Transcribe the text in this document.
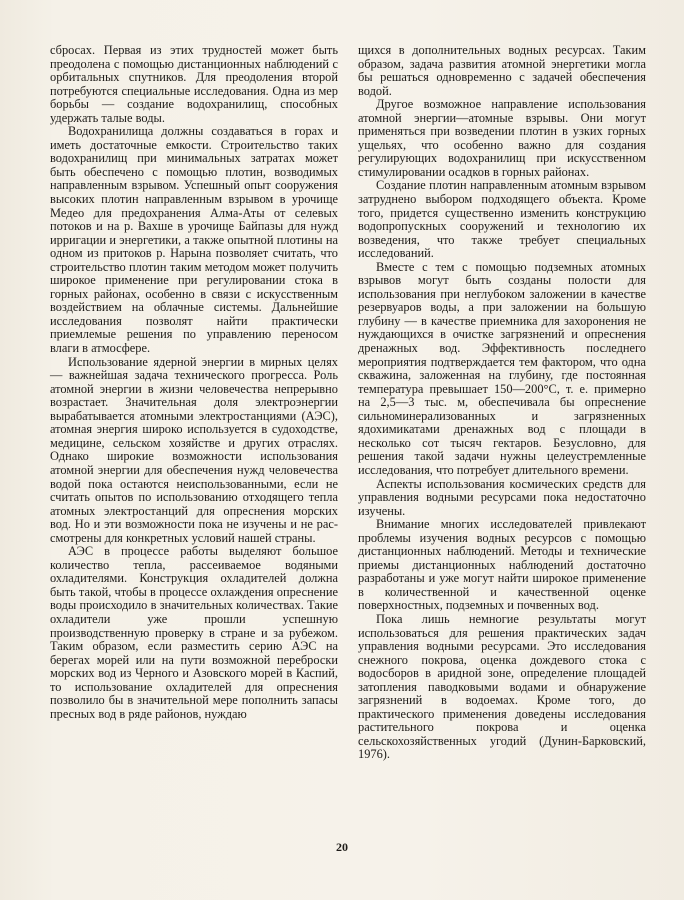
сбросах. Первая из этих трудностей может быть преодолена с помощью дистанционных наблюдений с орбитальных спутников. Для преодоления второй потребуются специальные исследования. Одна из мер борьбы — создание водохранилищ, способных удержать талые воды.

Водохранилища должны создаваться в горах и иметь достаточные емкости. Строительство таких водохранилищ при минимальных затратах может быть обеспечено с помощью плотин, возводимых направленным взрывом. Успешный опыт сооружения высоких плотин направленным взрывом в урочище Медео для предохранения Алма-Аты от селевых потоков и на р. Вахше в урочище Байпазы для нужд ирригации и энергетики, а также опытной плотины на одном из притоков р. Нарына позволяет считать, что строительство плотин таким методом может получить широкое применение при регулировании стока в горных районах, особенно в связи с искусственным воздействием на облачные системы. Дальнейшие исследования позволят найти практически приемлемые решения по управлению переносом влаги в атмосфере.

Использование ядерной энергии в мирных целях — важнейшая задача технического прогресса. Роль атомной энергии в жизни человечества непрерывно возрастает. Значительная доля электроэнергии вырабатывается атомными электростанциями (АЭС), атомная энергия широко используется в судоходстве, медицине, сельском хозяйстве и других отраслях. Однако широкие возможности использования атомной энергии для обеспечения нужд человечества водой пока остаются неиспользованными, если не считать опытов по использованию отходящего тепла атомных электростанций для опреснения морских вод. Но и эти возможности пока не изучены и не рассмотрены для конкретных условий нашей страны.

АЭС в процессе работы выделяют большое количество тепла, рассеиваемое водяными охладителями. Конструкция охладителей должна быть такой, чтобы в процессе охлаждения опреснение воды происходило в значительных количествах. Такие охладители уже прошли успешную производственную проверку в стране и за рубежом. Таким образом, если разместить серию АЭС на берегах морей или на пути возможной переброски морских вод из Черного и Азовского морей в Каспий, то использование охладителей для опреснения позволило бы в значительной мере пополнить запасы пресных вод в ряде районов, нуждаю

щихся в дополнительных водных ресурсах. Таким образом, задача развития атомной энергетики могла бы решаться одновременно с задачей обеспечения водой.

Другое возможное направление использования атомной энергии—атомные взрывы. Они могут применяться при возведении плотин в узких горных ущельях, что особенно важно для создания регулирующих водохранилищ при искусственном стимулировании осадков в горных районах.

Создание плотин направленным атомным взрывом затруднено выбором подходящего объекта. Кроме того, придется существенно изменить конструкцию водопропускных сооружений и технологию их возведения, что также требует специальных исследований.

Вместе с тем с помощью подземных атомных взрывов могут быть созданы полости для использования при неглубоком заложении в качестве резервуаров воды, а при заложении на большую глубину — в качестве приемника для захоронения не нуждающихся в очистке загрязнений и опреснения дренажных вод. Эффективность последнего мероприятия подтверждается тем фактором, что одна скважина, заложенная на глубину, где постоянная температура превышает 150—200°С, т. е. примерно на 2,5—3 тыс. м, обеспечивала бы опреснение сильноминерализованных и загрязненных ядохимикатами дренажных вод с площади в несколько сот тысяч гектаров. Безусловно, для решения такой задачи нужны целеустремленные исследования, что потребует длительного времени.

Аспекты использования космических средств для управления водными ресурсами пока недостаточно изучены.

Внимание многих исследователей привлекают проблемы изучения водных ресурсов с помощью дистанционных наблюдений. Методы и технические приемы дистанционных наблюдений достаточно разработаны и уже могут найти широкое применение в количественной и качественной оценке поверхностных, подземных и почвенных вод.

Пока лишь немногие результаты могут использоваться для решения практических задач управления водными ресурсами. Это исследования снежного покрова, оценка дождевого стока с водосборов в аридной зоне, определение площадей затопления паводковыми водами и обнаружение загрязнений в водоемах. Кроме того, до практического применения доведены исследования растительного покрова и оценка сельскохозяйственных угодий (Дунин-Барковский, 1976).

20
